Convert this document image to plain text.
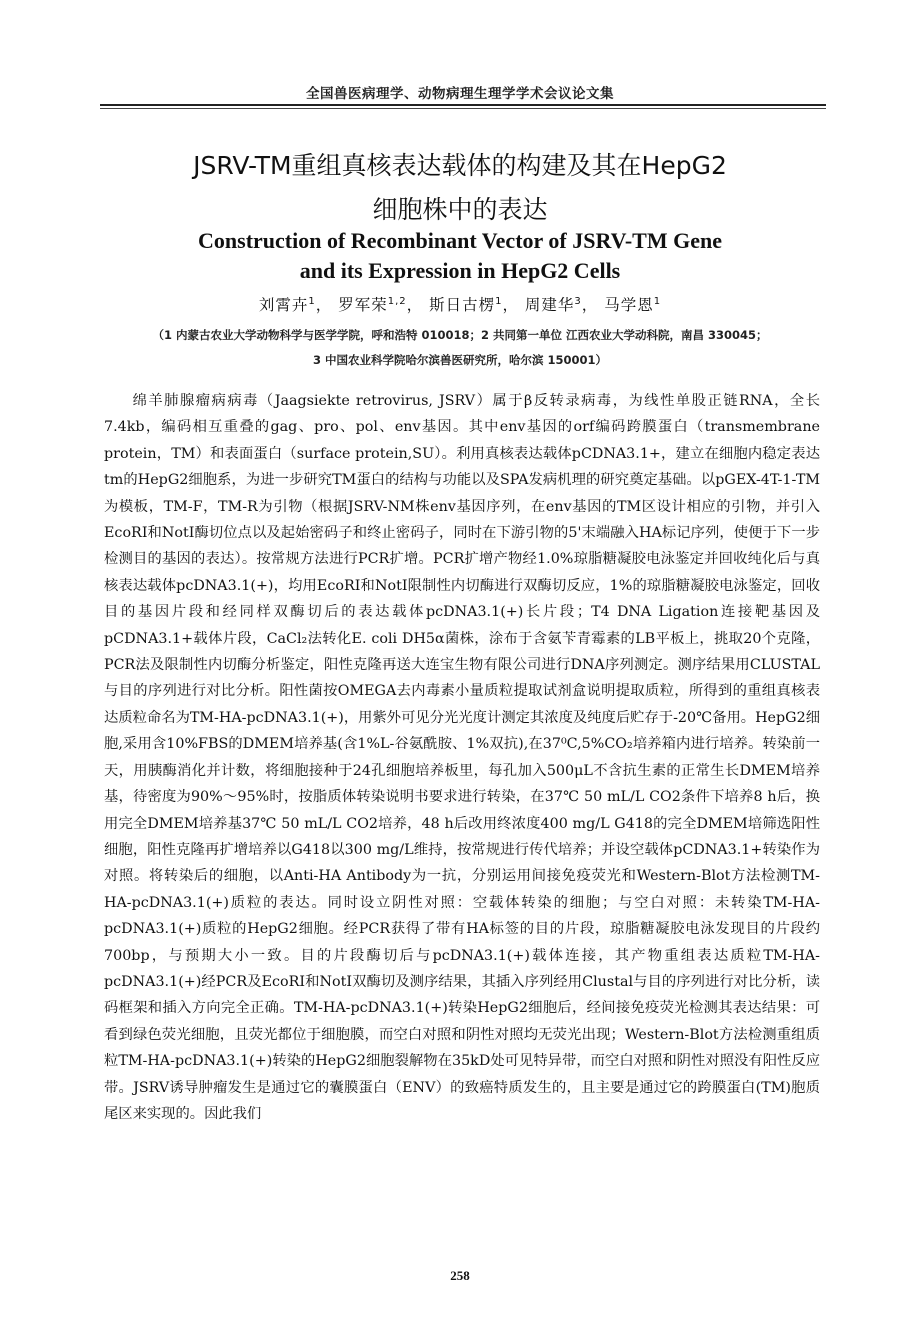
全国兽医病理学、动物病理生理学学术会议论文集
JSRV-TM重组真核表达载体的构建及其在HepG2
细胞株中的表达
Construction of Recombinant Vector of JSRV-TM Gene
and its Expression in HepG2 Cells
刘霄卉$^1$， 罗军荣$^{1,2}$， 斯日古楞$^1$， 周建华$^3$， 马学恩$^1$
（1 内蒙古农业大学动物科学与医学学院，呼和浩特 010018；2 共同第一单位 江西农业大学动科院，南昌 330045；
3 中国农业科学院哈尔滨兽医研究所，哈尔滨 150001）

绵羊肺腺瘤病病毒（Jaagsiekte retrovirus, JSRV）属于β反转录病毒，为线性单股正链RNA，全长7.4kb，编码相互重叠的gag、pro、pol、env基因。其中env基因的orf编码跨膜蛋白（transmembrane protein，TM）和表面蛋白（surface protein,SU）。利用真核表达载体pCDNA3.1+，建立在细胞内稳定表达tm的HepG2细胞系，为进一步研究TM蛋白的结构与功能以及SPA发病机理的研究奠定基础。以pGEX-4T-1-TM为模板，TM-F，TM-R为引物（根据JSRV-NM株env基因序列，在env基因的TM区设计相应的引物，并引入EcoRI和NotI酶切位点以及起始密码子和终止密码子，同时在下游引物的5'末端融入HA标记序列，使便于下一步检测目的基因的表达）。按常规方法进行PCR扩增。PCR扩增产物经1.0%琼脂糖凝胶电泳鉴定并回收纯化后与真核表达载体pcDNA3.1(+)，均用EcoRI和NotI限制性内切酶进行双酶切反应，1%的琼脂糖凝胶电泳鉴定，回收目的基因片段和经同样双酶切后的表达载体pcDNA3.1(+)长片段；T4 DNA Ligation连接靶基因及pCDNA3.1+载体片段，CaCl₂法转化E. coli DH5α菌株，涂布于含氨苄青霉素的LB平板上，挑取20个克隆，PCR法及限制性内切酶分析鉴定，阳性克隆再送大连宝生物有限公司进行DNA序列测定。测序结果用CLUSTAL与目的序列进行对比分析。阳性菌按OMEGA去内毒素小量质粒提取试剂盒说明提取质粒，所得到的重组真核表达质粒命名为TM-HA-pcDNA3.1(+)，用紫外可见分光光度计测定其浓度及纯度后贮存于-20℃备用。HepG2细胞,采用含10%FBS的DMEM培养基(含1%L-谷氨酰胺、1%双抗),在37⁰C,5%CO₂培养箱内进行培养。转染前一天，用胰酶消化并计数，将细胞接种于24孔细胞培养板里，每孔加入500μL不含抗生素的正常生长DMEM培养基，待密度为90%～95%时，按脂质体转染说明书要求进行转染，在37℃ 50 mL/L CO2条件下培养8 h后，换用完全DMEM培养基37℃ 50 mL/L CO2培养，48 h后改用终浓度400 mg/L G418的完全DMEM培筛选阳性细胞，阳性克隆再扩增培养以G418以300 mg/L维持，按常规进行传代培养；并设空载体pCDNA3.1+转染作为对照。将转染后的细胞，以Anti-HA Antibody为一抗，分别运用间接免疫荧光和Western-Blot方法检测TM-HA-pcDNA3.1(+)质粒的表达。同时设立阴性对照：空载体转染的细胞；与空白对照：未转染TM-HA-pcDNA3.1(+)质粒的HepG2细胞。经PCR获得了带有HA标签的目的片段，琼脂糖凝胶电泳发现目的片段约700bp，与预期大小一致。目的片段酶切后与pcDNA3.1(+)载体连接，其产物重组表达质粒TM-HA-pcDNA3.1(+)经PCR及EcoRI和NotI双酶切及测序结果，其插入序列经用Clustal与目的序列进行对比分析，读码框架和插入方向完全正确。TM-HA-pcDNA3.1(+)转染HepG2细胞后，经间接免疫荧光检测其表达结果：可看到绿色荧光细胞，且荧光都位于细胞膜，而空白对照和阴性对照均无荧光出现；Western-Blot方法检测重组质粒TM-HA-pcDNA3.1(+)转染的HepG2细胞裂解物在35kD处可见特异带，而空白对照和阴性对照没有阳性反应带。JSRV诱导肿瘤发生是通过它的囊膜蛋白（ENV）的致癌特质发生的，且主要是通过它的跨膜蛋白(TM)胞质尾区来实现的。因此我们

258
